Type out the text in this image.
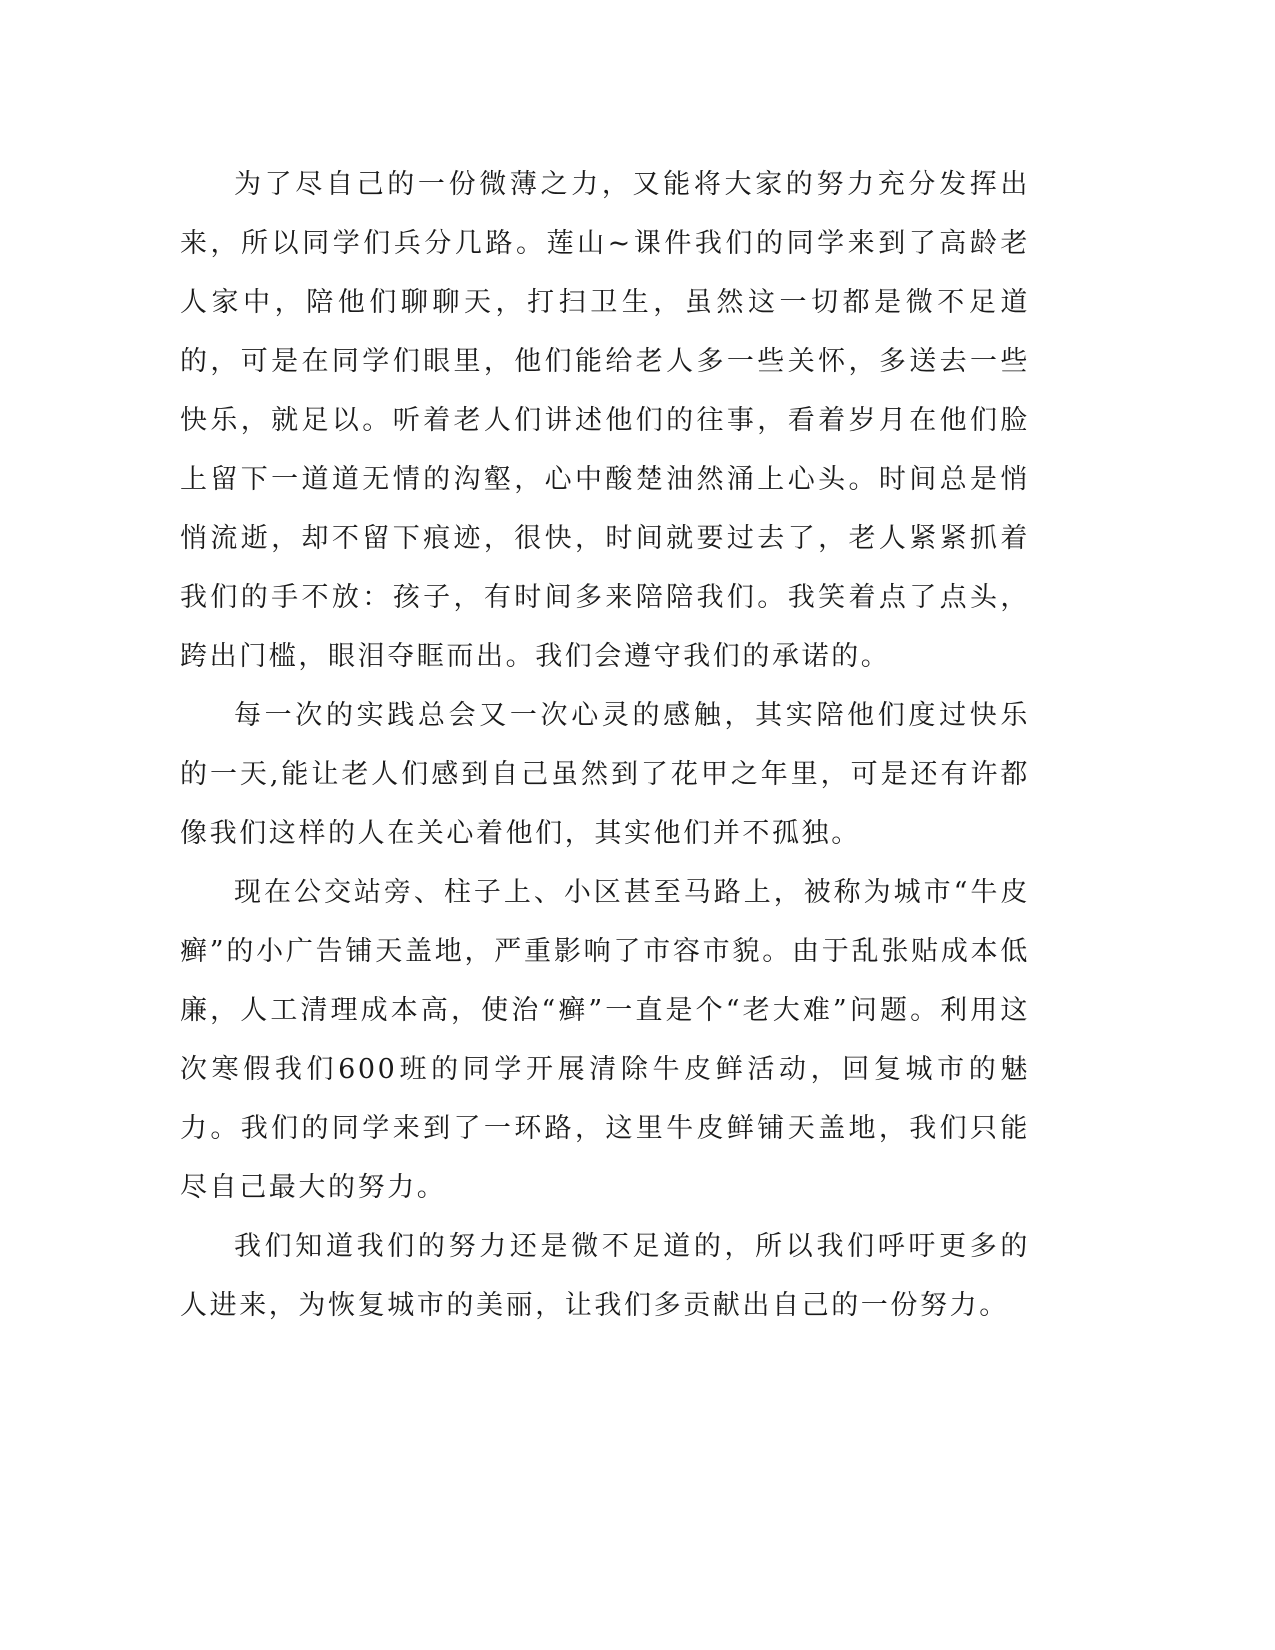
为了尽自己的一份微薄之力，又能将大家的努力充分发挥出来，所以同学们兵分几路。莲山~课件我们的同学来到了高龄老人家中，陪他们聊聊天，打扫卫生，虽然这一切都是微不足道的，可是在同学们眼里，他们能给老人多一些关怀，多送去一些快乐，就足以。听着老人们讲述他们的往事，看着岁月在他们脸上留下一道道无情的沟壑，心中酸楚油然涌上心头。时间总是悄悄流逝，却不留下痕迹，很快，时间就要过去了，老人紧紧抓着我们的手不放：孩子，有时间多来陪陪我们。我笑着点了点头，跨出门槛，眼泪夺眶而出。我们会遵守我们的承诺的。

每一次的实践总会又一次心灵的感触，其实陪他们度过快乐的一天,能让老人们感到自己虽然到了花甲之年里，可是还有许都像我们这样的人在关心着他们，其实他们并不孤独。

现在公交站旁、柱子上、小区甚至马路上，被称为城市“牛皮癣”的小广告铺天盖地，严重影响了市容市貌。由于乱张贴成本低廉，人工清理成本高，使治“癣”一直是个“老大难”问题。利用这次寒假我们600班的同学开展清除牛皮鲜活动，回复城市的魅力。我们的同学来到了一环路，这里牛皮鲜铺天盖地，我们只能尽自己最大的努力。

我们知道我们的努力还是微不足道的，所以我们呼吁更多的人进来，为恢复城市的美丽，让我们多贡献出自己的一份努力。
